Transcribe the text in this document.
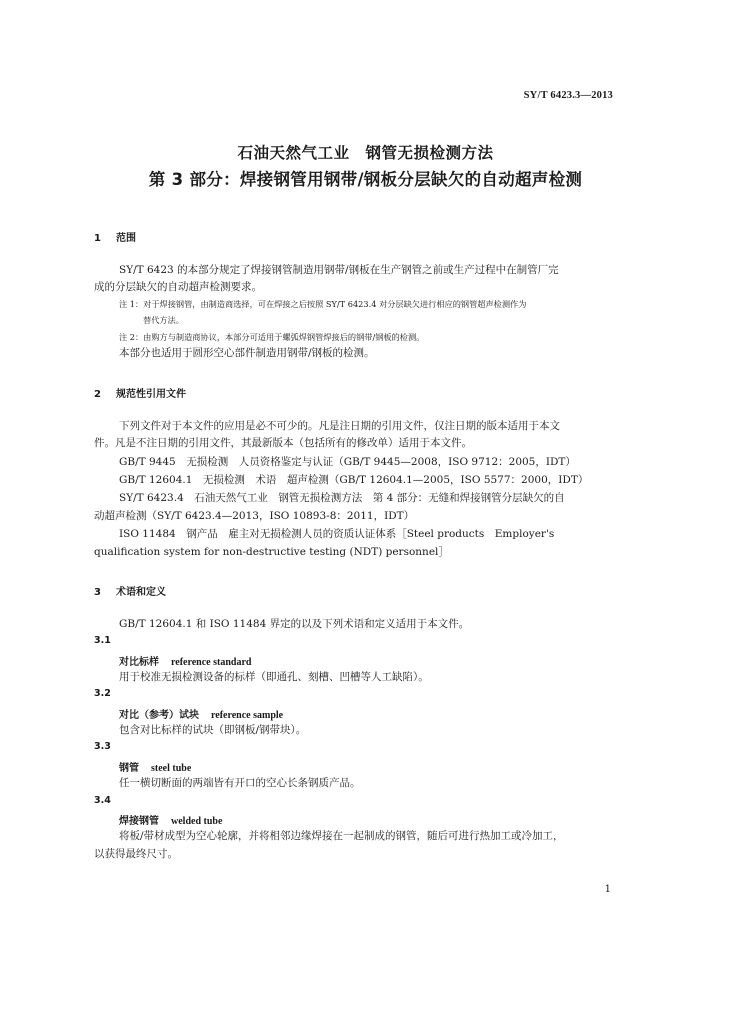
SY/T 6423.3—2013
石油天然气工业　钢管无损检测方法
第 3 部分：焊接钢管用钢带/钢板分层缺欠的自动超声检测
1 范围
SY/T 6423 的本部分规定了焊接钢管制造用钢带/钢板在生产钢管之前或生产过程中在制管厂完
成的分层缺欠的自动超声检测要求。
注 1：对于焊接钢管，由制造商选择，可在焊接之后按照 SY/T 6423.4 对分层缺欠进行相应的钢管超声检测作为
替代方法。
注 2：由购方与制造商协议，本部分可适用于螺弧焊钢管焊接后的钢带/钢板的检测。
本部分也适用于圆形空心部件制造用钢带/钢板的检测。
2 规范性引用文件
下列文件对于本文件的应用是必不可少的。凡是注日期的引用文件，仅注日期的版本适用于本文
件。凡是不注日期的引用文件，其最新版本（包括所有的修改单）适用于本文件。
GB/T 9445　无损检测　人员资格鉴定与认证（GB/T 9445—2008，ISO 9712：2005，IDT）
GB/T 12604.1　无损检测　术语　超声检测（GB/T 12604.1—2005，ISO 5577：2000，IDT）
SY/T 6423.4　石油天然气工业　钢管无损检测方法　第 4 部分：无缝和焊接钢管分层缺欠的自
动超声检测（SY/T 6423.4—2013，ISO 10893-8：2011，IDT）
ISO 11484　钢产品　雇主对无损检测人员的资质认证体系［Steel products　Employer's
qualification system for non-destructive testing (NDT) personnel］
3 术语和定义
GB/T 12604.1 和 ISO 11484 界定的以及下列术语和定义适用于本文件。
3.1
对比标样 reference standard
用于校准无损检测设备的标样（即通孔、刻槽、凹槽等人工缺陷）。
3.2
对比（参考）试块 reference sample
包含对比标样的试块（即钢板/钢带块）。
3.3
钢管 steel tube
任一横切断面的两端皆有开口的空心长条钢质产品。
3.4
焊接钢管 welded tube
将板/带材成型为空心轮廓，并将相邻边缘焊接在一起制成的钢管，随后可进行热加工或冷加工，
以获得最终尺寸。
1
